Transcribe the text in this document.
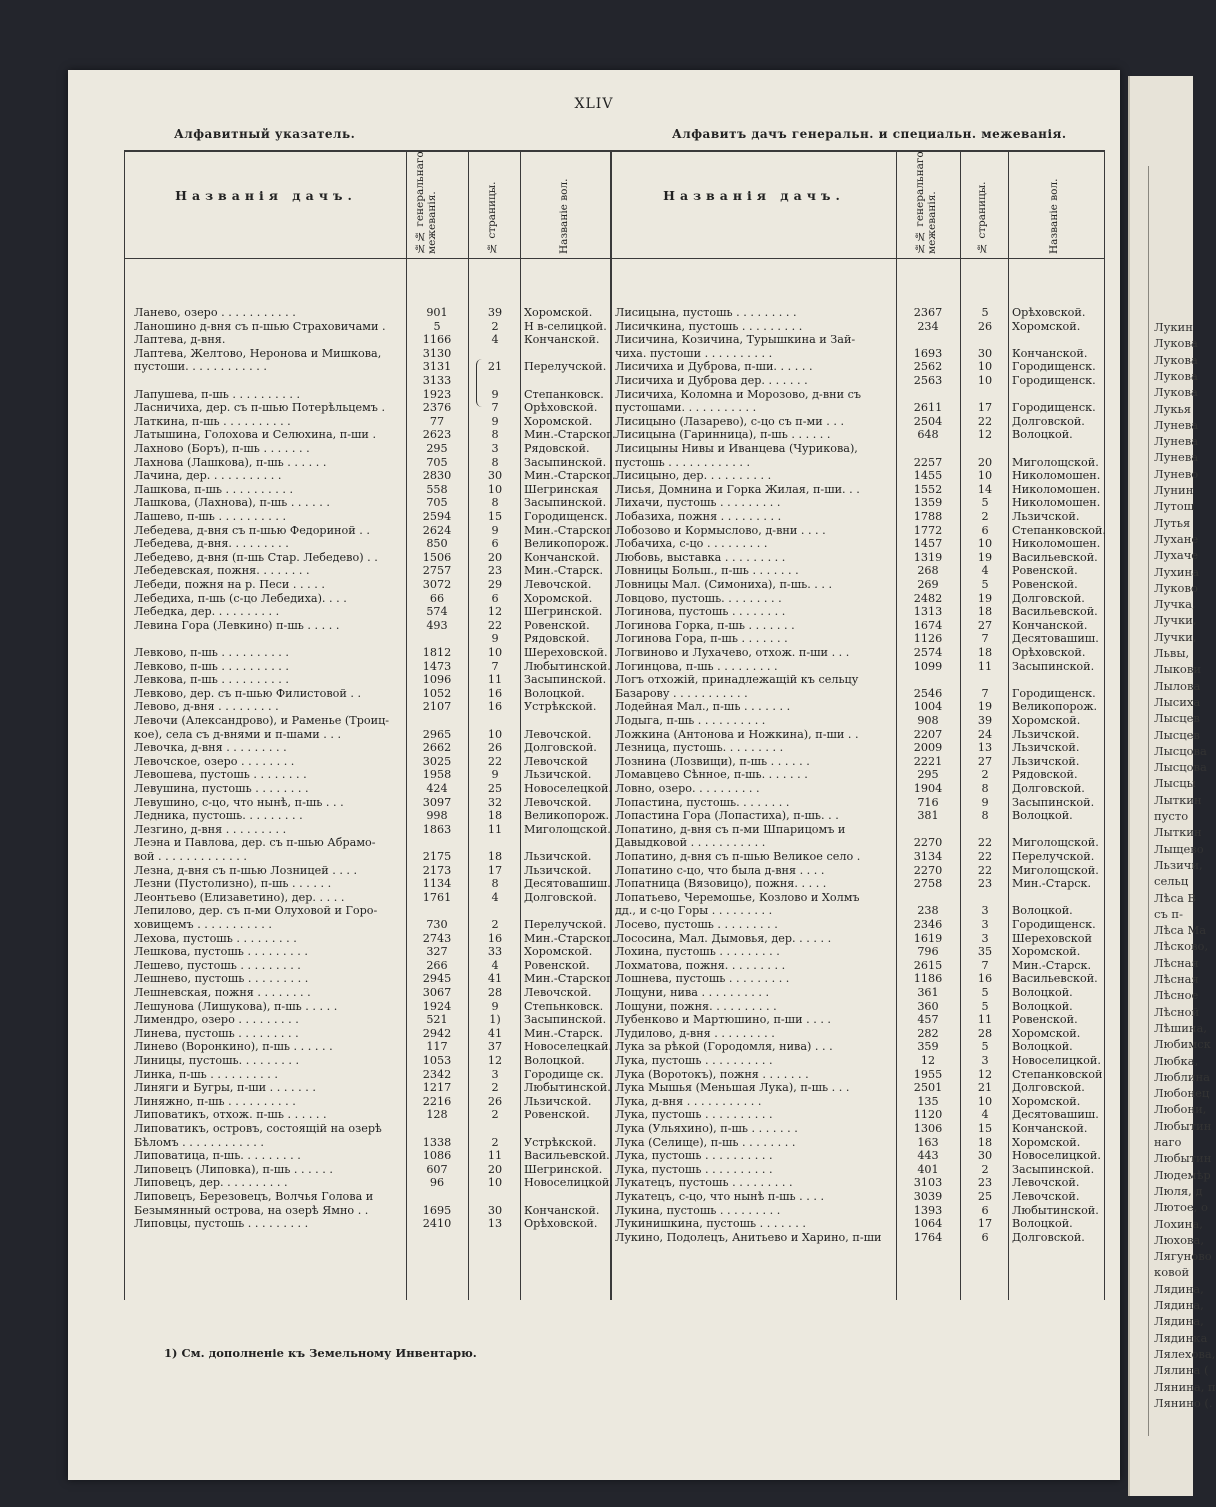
XLIV
Алфавитный указатель.	Алфавитъ дачъ генеральн. и специальн. межеванія.
Названія дачъ.	Названія дачъ.
№№ генеральнаго межеванія.	№ страницы.	Названіе вол.	№№ генеральнаго межеванія.	№ страницы.	Названіе вол.
Ланево, озеро . . . . . . . . . . .	901	39	Хоромской.
Ланошино д-вня съ п-шью Страховичами .	5	2	Н в-селицкой.
Лаптева, д-вня.	1166	4	Кончанской.
Лаптева, Желтово, Неронова и Мишкова,	3130
пустоши. . . . . . . . . . . .	3131	21	Перелучской.
3133
Лапушева, п-шь . . . . . . . . . .	1923	9	Степанковск.
Ласничиха, дер. съ п-шью Потерѣльцемъ .	2376	7	Орѣховской.
Латкина, п-шь . . . . . . . . . .	77	9	Хоромской.
Латышина, Голохова и Селюхина, п-ши .	2623	8	Мин.-Старског.
Лахново (Боръ), п-шь . . . . . . .	295	3	Рядовской.
Лахнова (Лашкова), п-шь . . . . . .	705	8	Засыпинской.
Лачина, дер. . . . . . . . . . .	2830	30	Мин.-Старског.
Лашкова, п-шь . . . . . . . . . .	558	10	Шегринская
Лашкова, (Лахнова), п-шь . . . . . .	705	8	Засыпинской.
Лашево, п-шь . . . . . . . . . .	2594	15	Городищенск.
Лебедева, д-вня съ п-шью Федориной . .	2624	9	Мин.-Старског
Лебедева, д-вня. . . . . . . . .	850	6	Великопорож.
Лебедево, д-вня (п-шь Стар. Лебедево) . .	1506	20	Кончанской.
Лебедевская, пожня. . . . . . . .	2757	23	Мин.-Старск.
Лебеди, пожня на р. Песи . . . . .	3072	29	Левочской.
Лебедиха, п-шь (с-цо Лебедиха). . . .	66	6	Хоромской.
Лебедка, дер. . . . . . . . . .	574	12	Шегринской.
Левина Гора (Левкино) п-шь . . . . .	493	22	Ровенской.
9	Рядовской.
Левково, п-шь . . . . . . . . . .	1812	10	Шереховской.
Левково, п-шь . . . . . . . . . .	1473	7	Любытинской.
Левкова, п-шь . . . . . . . . . .	1096	11	Засыпинской.
Левково, дер. съ п-шью Филистовой . .	1052	16	Волоцкой.
Левово, д-вня . . . . . . . . .	2107	16	Устрѣкской.
Левочи (Александрово), и Раменье (Троиц-
кое), села съ д-внями и п-шами . . .	2965	10	Левочской.
Левочка, д-вня . . . . . . . . .	2662	26	Долговской.
Левочское, озеро . . . . . . . .	3025	22	Левочской
Левошева, пустошь . . . . . . . .	1958	9	Льзичской.
Левушина, пустошь . . . . . . . .	424	25	Новоселецкой.
Левушино, с-цо, что нынѣ, п-шь . . .	3097	32	Левочской.
Ледника, пустошь. . . . . . . . .	998	18	Великопорож.
Лезгино, д-вня . . . . . . . . .	1863	11	Миголощской.
Леэна и Павлова, дер. съ п-шью Абрамо-
вой . . . . . . . . . . . . .	2175	18	Льзичской.
Лезна, д-вня съ п-шью Лозницей . . . .	2173	17	Льзичской.
Лезни (Пустолизно), п-шь . . . . . .	1134	8	Десятовашиш.
Леонтьево (Елизаветино), дер. . . . .	1761	4	Долговской.
Лепилово, дер. съ п-ми Олуховой и Горо-
ховищемъ . . . . . . . . . . .	730	2	Перелучской.
Лехова, пустошь . . . . . . . . .	2743	16	Мин.-Старског.
Лешкова, пустошь . . . . . . . . .	327	33	Хоромской.
Лешево, пустошь . . . . . . . . .	266	4	Ровенской.
Лешнево, пустошь . . . . . . . . .	2945	41	Мин.-Старског
Лешневская, пожня . . . . . . . .	3067	28	Левочской.
Лешунова (Лишукова), п-шь . . . . .	1924	9	Степьнковск.
Лимендро, озеро . . . . . . . . .	521	1)	Засыпинской.
Линева, пустошь . . . . . . . . .	2942	41	Мин.-Старск.
Линево (Воронкино), п-шь . . . . . .	117	37	Новоселецкай.
Линицы, пустошь. . . . . . . . .	1053	12	Волоцкой.
Линка, п-шь . . . . . . . . . .	2342	3	Городище ск.
Линяги и Бугры, п-ши . . . . . . .	1217	2	Любытинской.
Линяжно, п-шь . . . . . . . . . .	2216	26	Льзичской.
Липоватикъ, отхож. п-шь . . . . . .	128	2	Ровенской.
Липоватикъ, островъ, состоящій на озерѣ
Бѣломъ . . . . . . . . . . . .	1338	2	Устрѣкской.
Липоватица, п-шь. . . . . . . . .	1086	11	Васильевской.
Липовецъ (Липовка), п-шь . . . . . .	607	20	Шегринской.
Липовецъ, дер. . . . . . . . . .	96	10	Новоселицкой.
Липовецъ, Березовецъ, Волчья Голова и
Безымянный острова, на озерѣ Ямно . .	1695	30	Кончанской.
Липовцы, пустошь . . . . . . . . .	2410	13	Орѣховской.
Лисицына, пустошь . . . . . . . . .	2367	5	Орѣховской.
Лисичкина, пустошь . . . . . . . . .	234	26	Хоромской.
Лисичина, Козичина, Турышкина и Зай-
чиха. пустоши . . . . . . . . . .	1693	30	Кончанской.
Лисичиха и Дуброва, п-ши. . . . . .	2562	10	Городищенск.
Лисичиха и Дуброва дер. . . . . . .	2563	10	Городищенск.
Лисичиха, Коломна и Морозово, д-вни съ
пустошами. . . . . . . . . . .	2611	17	Городищенск.
Лисицыно (Лазарево), с-цо съ п-ми . . .	2504	22	Долговской.
Лисицына (Гаринница), п-шь . . . . . .	648	12	Волоцкой.
Лисицыны Нивы и Иванцева (Чурикова),
пустошь . . . . . . . . . . . .	2257	20	Миголощской.
Лисицыно, дер. . . . . . . . . .	1455	10	Николомошен.
Лисья, Домнина и Горка Жилая, п-ши. . .	1552	14	Николомошен.
Лихачи, пустошь . . . . . . . . .	1359	5	Николомошен.
Лобазиха, пожня . . . . . . . . .	1788	2	Льзичской.
Лобозово и Кормыслово, д-вни . . . .	1772	6	Степанковской.
Лобачиха, с-цо . . . . . . . . .	1457	10	Николомошен.
Любовь, выставка . . . . . . . . .	1319	19	Васильевской.
Ловницы Больш., п-шь . . . . . . .	268	4	Ровенской.
Ловницы Мал. (Симониха), п-шь. . . .	269	5	Ровенской.
Ловцово, пустошь. . . . . . . . .	2482	19	Долговской.
Логинова, пустошь . . . . . . . .	1313	18	Васильевской.
Логинова Горка, п-шь . . . . . . .	1674	27	Кончанской.
Логинова Гора, п-шь . . . . . . .	1126	7	Десятовашиш.
Логвиново и Лухачево, отхож. п-ши . . .	2574	18	Орѣховской.
Логинцова, п-шь . . . . . . . . .	1099	11	Засыпинской.
Логъ отхожій, принадлежащій къ сельцу
Базарову . . . . . . . . . . .	2546	7	Городищенск.
Лодейная Мал., п-шь . . . . . . .	1004	19	Великопорож.
Лодыга, п-шь . . . . . . . . . .	908	39	Хоромской.
Ложкина (Антонова и Ножкина), п-ши . .	2207	24	Льзичской.
Лезница, пустошь. . . . . . . . .	2009	13	Льзичской.
Лознина (Лозвищи), п-шь . . . . . .	2221	27	Льзичской.
Ломавцево Сѣнное, п-шь. . . . . . .	295	2	Рядовской.
Ловно, озеро. . . . . . . . . .	1904	8	Долговской.
Лопастина, пустошь. . . . . . . .	716	9	Засыпинской.
Лопастина Гора (Лопастиха), п-шь. . .	381	8	Волоцкой.
Лопатино, д-вня съ п-ми Шпарицомъ и
Давыдковой . . . . . . . . . . .	2270	22	Миголощской.
Лопатино, д-вня съ п-шью Великое село .	3134	22	Перелучской.
Лопатино с-цо, что была д-вня . . . .	2270	22	Миголощской.
Лопатница (Вязовицо), пожня. . . . .	2758	23	Мин.-Старск.
Лопатьево, Черемошье, Козлово и Холмъ
дд., и с-цо Горы . . . . . . . . .	238	3	Волоцкой.
Лосево, пустошь . . . . . . . . .	2346	3	Городищенск.
Лососина, Мал. Дымовья, дер. . . . . .	1619	3	Шереховской
Лохина, пустошь . . . . . . . . .	796	35	Хоромской.
Лохматова, пожня. . . . . . . . .	2615	7	Мин.-Старск.
Лошнева, пустошь . . . . . . . . .	1186	16	Васильевской.
Лощуни, нива . . . . . . . . . .	361	5	Волоцкой.
Лощуни, пожня. . . . . . . . . .	360	5	Волоцкой.
Лубенково и Мартюшино, п-ши . . . .	457	11	Ровенской.
Лудилово, д-вня . . . . . . . . .	282	28	Хоромской.
Лука за рѣкой (Городомля, нива) . . .	359	5	Волоцкой.
Лука, пустошь . . . . . . . . . .	12	3	Новоселицкой.
Лука (Воротокъ), пожня . . . . . . .	1955	12	Степанковской
Лука Мышья (Меньшая Лука), п-шь . . .	2501	21	Долговской.
Лука, д-вня . . . . . . . . . . .	135	10	Хоромской.
Лука, пустошь . . . . . . . . . .	1120	4	Десятовашиш.
Лука (Ульяхино), п-шь . . . . . . .	1306	15	Кончанской.
Лука (Селище), п-шь . . . . . . . .	163	18	Хоромской.
Лука, пустошь . . . . . . . . . .	443	30	Новоселицкой.
Лука, пустошь . . . . . . . . . .	401	2	Засыпинской.
Лукатецъ, пустошь . . . . . . . . .	3103	23	Левочской.
Лукатецъ, с-цо, что нынѣ п-шь . . . .	3039	25	Левочской.
Лукина, пустошь . . . . . . . . .	1393	6	Любытинской.
Лукинишкина, пустошь . . . . . . .	1064	17	Волоцкой.
Лукино, Подолецъ, Анитьево и Харино, п-ши	1764	6	Долговской.
1) См. дополненіе къ Земельному Инвентарю.
Лукин
Лукова
Лукова
Лукова
Лукова
Лукья
Лунева
Лунева
Лунева
Лунево
Лунин
Лутош
Лутья
Лухане
Лухаче
Лухина
Луково
Лучка,
Лучки,
Лучки,
Львы,
Лыкови
Лылова
Лысиха
Лысцев
Лысцев
Лысцова
Лысцова
Лысцы
Лыткин
пусто
Лыткин
Лыщево
Льзичи,
сельц
Лѣса В
съ п-
Лѣса Ма
Лѣсково,
Лѣсная
Лѣсная
Лѣсное
Лѣсной
Лѣшина,
Любимск
Любка,
Люблина
Любонец
Любони,
Любытин
наго
Любытин
Людемѣр
Люля, д
Лютое, о
Лохина,
Люхова,
Лягуново
ковой
Лядина,
Лядина,
Лядина,
Лядинка
Лялехова,
Лялина (
Лянина, п
Лянино (.
